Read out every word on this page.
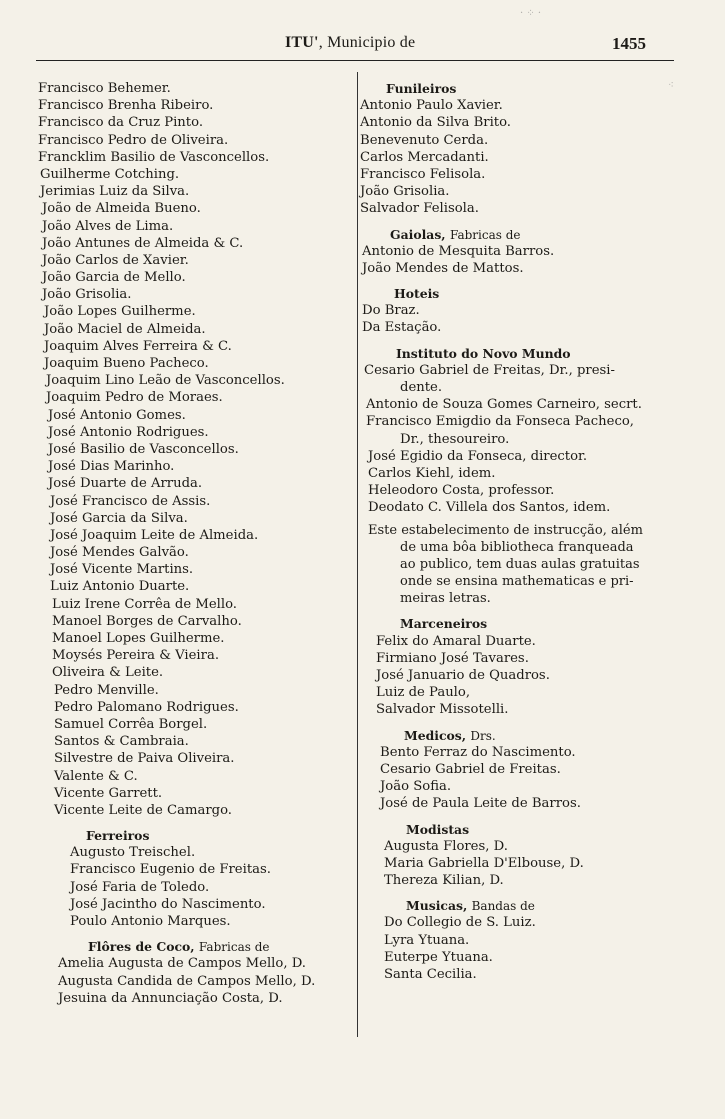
ITU', Municipio de	1455
Francisco Behemer.
Francisco Brenha Ribeiro.
Francisco da Cruz Pinto.
Francisco Pedro de Oliveira.
Francklim Basilio de Vasconcellos.
Guilherme Cotching.
Jerimias Luiz da Silva.
João de Almeida Bueno.
João Alves de Lima.
João Antunes de Almeida & C.
João Carlos de Xavier.
João Garcia de Mello.
João Grisolia.
João Lopes Guilherme.
João Maciel de Almeida.
Joaquim Alves Ferreira & C.
Joaquim Bueno Pacheco.
Joaquim Lino Leão de Vasconcellos.
Joaquim Pedro de Moraes.
José Antonio Gomes.
José Antonio Rodrigues.
José Basilio de Vasconcellos.
José Dias Marinho.
José Duarte de Arruda.
José Francisco de Assis.
José Garcia da Silva.
José Joaquim Leite de Almeida.
José Mendes Galvão.
José Vicente Martins.
Luiz Antonio Duarte.
Luiz Irene Corrêa de Mello.
Manoel Borges de Carvalho.
Manoel Lopes Guilherme.
Moysés Pereira & Vieira.
Oliveira & Leite.
Pedro Menville.
Pedro Palomano Rodrigues.
Samuel Corrêa Borgel.
Santos & Cambraia.
Silvestre de Paiva Oliveira.
Valente & C.
Vicente Garrett.
Vicente Leite de Camargo.
Ferreiros
Augusto Treischel.
Francisco Eugenio de Freitas.
José Faria de Toledo.
José Jacintho do Nascimento.
Poulo Antonio Marques.
Flôres de Coco, Fabricas de
Amelia Augusta de Campos Mello, D.
Augusta Candida de Campos Mello, D.
Jesuina da Annunciação Costa, D.
Funileiros
Antonio Paulo Xavier.
Antonio da Silva Brito.
Benevenuto Cerda.
Carlos Mercadanti.
Francisco Felisola.
João Grisolia.
Salvador Felisola.
Gaiolas, Fabricas de
Antonio de Mesquita Barros.
João Mendes de Mattos.
Hoteis
Do Braz.
Da Estação.
Instituto do Novo Mundo
Cesario Gabriel de Freitas, Dr., presi-
dente.
Antonio de Souza Gomes Carneiro, secrt.
Francisco Emigdio da Fonseca Pacheco,
Dr., thesoureiro.
José Egidio da Fonseca, director.
Carlos Kiehl, idem.
Heleodoro Costa, professor.
Deodato C. Villela dos Santos, idem.
Este estabelecimento de instrucção, além
de uma bôa bibliotheca franqueada
ao publico, tem duas aulas gratuitas
onde se ensina mathematicas e pri-
meiras letras.
Marceneiros
Felix do Amaral Duarte.
Firmiano José Tavares.
José Januario de Quadros.
Luiz de Paulo,
Salvador Missotelli.
Medicos, Drs.
Bento Ferraz do Nascimento.
Cesario Gabriel de Freitas.
João Sofia.
José de Paula Leite de Barros.
Modistas
Augusta Flores, D.
Maria Gabriella D'Elbouse, D.
Thereza Kilian, D.
Musicas, Bandas de
Do Collegio de S. Luiz.
Lyra Ytuana.
Euterpe Ytuana.
Santa Cecilia.
· ⁘ ·
⁖
